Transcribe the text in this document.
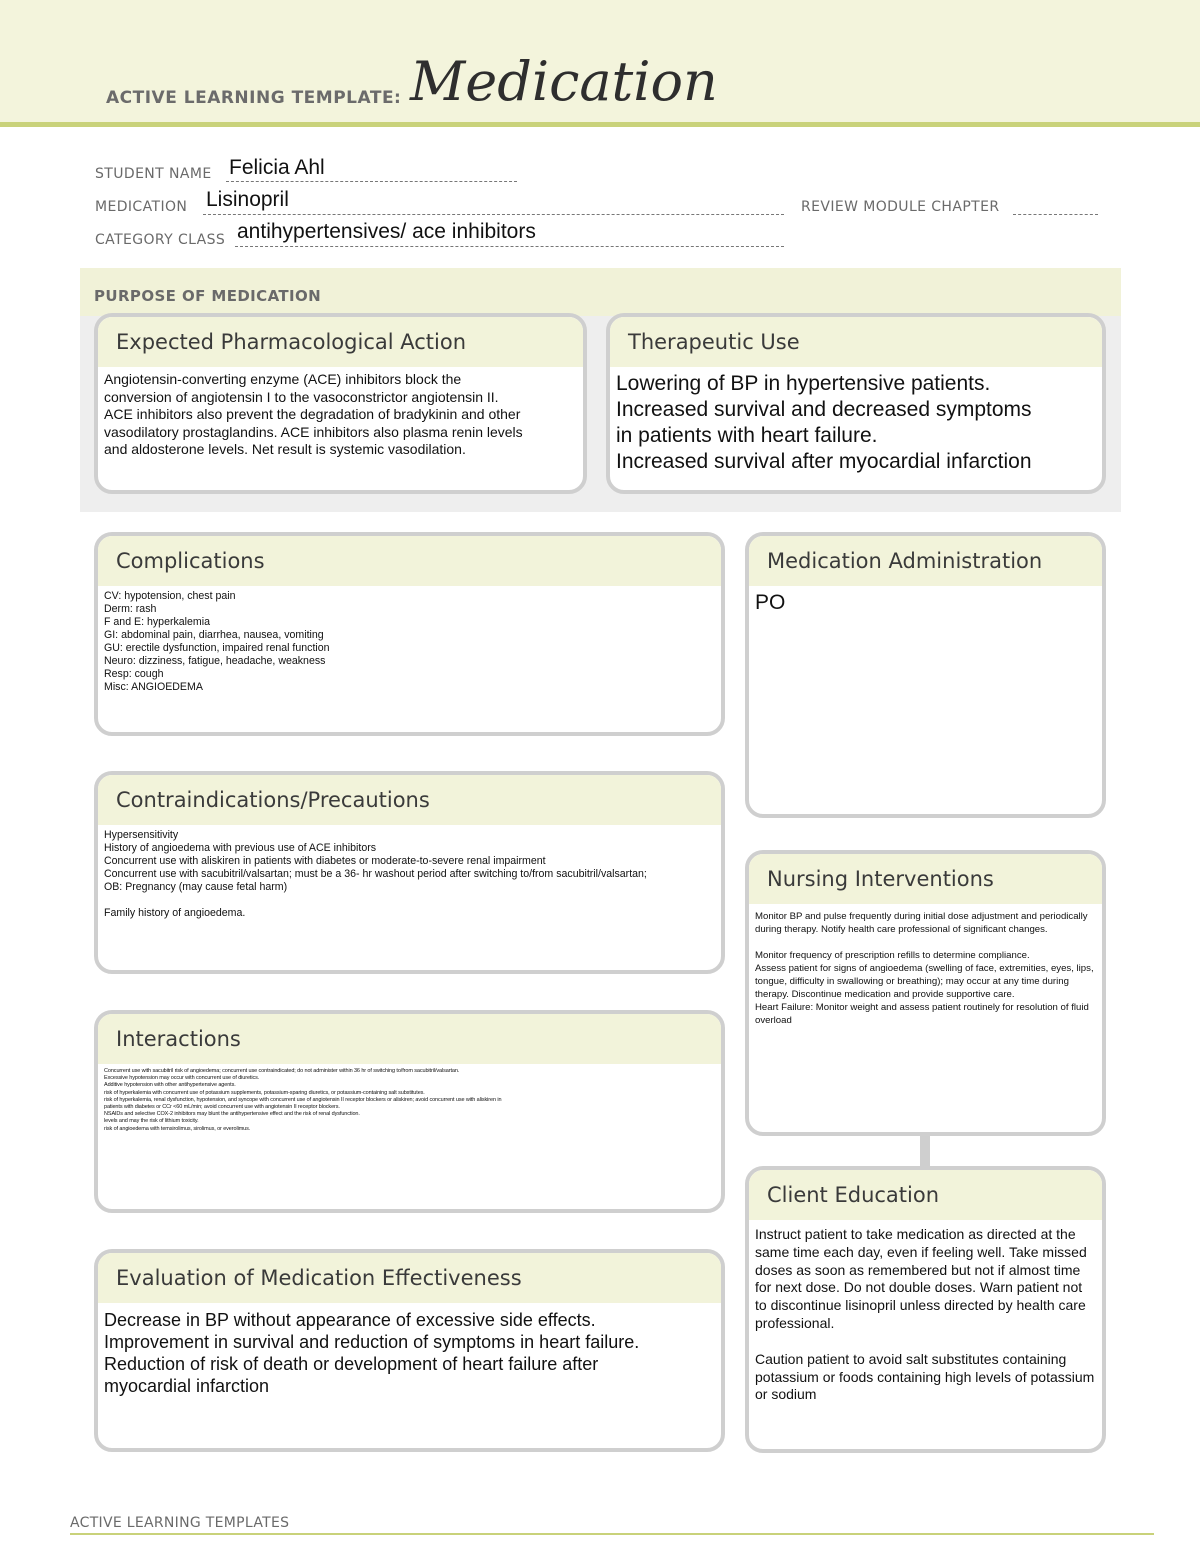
ACTIVE LEARNING TEMPLATE: Medication
STUDENT NAME Felicia Ahl
MEDICATION Lisinopril	REVIEW MODULE CHAPTER
CATEGORY CLASS antihypertensives/ ace inhibitors
PURPOSE OF MEDICATION
Expected Pharmacological Action
Angiotensin-converting enzyme (ACE) inhibitors block the
conversion of angiotensin I to the vasoconstrictor angiotensin II.
ACE inhibitors also prevent the degradation of bradykinin and other
vasodilatory prostaglandins. ACE inhibitors also plasma renin levels
and aldosterone levels. Net result is systemic vasodilation.
Therapeutic Use
Lowering of BP in hypertensive patients.
Increased survival and decreased symptoms
in patients with heart failure.
Increased survival after myocardial infarction
Complications
CV: hypotension, chest pain
Derm: rash
F and E: hyperkalemia
GI: abdominal pain, diarrhea, nausea, vomiting
GU: erectile dysfunction, impaired renal function
Neuro: dizziness, fatigue, headache, weakness
Resp: cough
Misc: ANGIOEDEMA
Medication Administration
PO
Contraindications/Precautions
Hypersensitivity
History of angioedema with previous use of ACE inhibitors
Concurrent use with aliskiren in patients with diabetes or moderate-to-severe renal impairment
Concurrent use with sacubitril/valsartan; must be a 36- hr washout period after switching to/from sacubitril/valsartan;
OB: Pregnancy (may cause fetal harm)
Family history of angioedema.
Nursing Interventions
Monitor BP and pulse frequently during initial dose adjustment and periodically during therapy. Notify health care professional of significant changes.
Monitor frequency of prescription refills to determine compliance.
Assess patient for signs of angioedema (swelling of face, extremities, eyes, lips, tongue, difficulty in swallowing or breathing); may occur at any time during therapy. Discontinue medication and provide supportive care.
Heart Failure: Monitor weight and assess patient routinely for resolution of fluid overload
Interactions
Concurrent use with sacubitril risk of angioedema; concurrent use contraindicated; do not administer within 36 hr of switching to/from sacubitril/valsartan.
Excessive hypotension may occur with concurrent use of diuretics.
Additive hypotension with other antihypertensive agents.
risk of hyperkalemia with concurrent use of potassium supplements, potassium-sparing diuretics, or potassium-containing salt substitutes.
risk of hyperkalemia, renal dysfunction, hypotension, and syncope with concurrent use of angiotensin II receptor blockers or aliskiren; avoid concurrent use with aliskiren in
patients with diabetes or CCr <60 mL/min; avoid concurrent use with angiotensin II receptor blockers.
NSAIDs and selective COX-2 inhibitors may blunt the antihypertensive effect and the risk of renal dysfunction.
levels and may the risk of lithium toxicity.
risk of angioedema with temsirolimus, sirolimus, or everolimus.
Client Education
Instruct patient to take medication as directed at the same time each day, even if feeling well. Take missed doses as soon as remembered but not if almost time for next dose. Do not double doses. Warn patient not to discontinue lisinopril unless directed by health care professional.
Caution patient to avoid salt substitutes containing potassium or foods containing high levels of potassium or sodium
Evaluation of Medication Effectiveness
Decrease in BP without appearance of excessive side effects.
Improvement in survival and reduction of symptoms in heart failure.
Reduction of risk of death or development of heart failure after
myocardial infarction
ACTIVE LEARNING TEMPLATES
